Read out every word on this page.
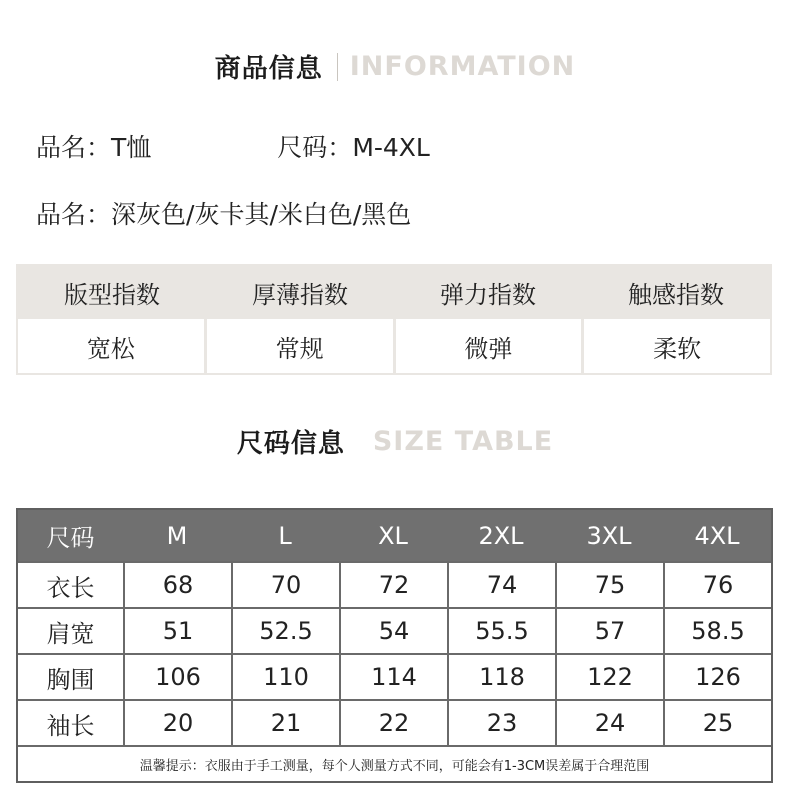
商品信息 INFORMATION
品名：T恤	尺码：M-4XL
品名：深灰色/灰卡其/米白色/黑色
版型指数	厚薄指数	弹力指数	触感指数
宽松	常规	微弹	柔软
尺码信息 SIZE TABLE
尺码	M	L	XL	2XL	3XL	4XL
衣长	68	70	72	74	75	76
肩宽	51	52.5	54	55.5	57	58.5
胸围	106	110	114	118	122	126
袖长	20	21	22	23	24	25
温馨提示：衣服由于手工测量，每个人测量方式不同，可能会有1-3CM误差属于合理范围
